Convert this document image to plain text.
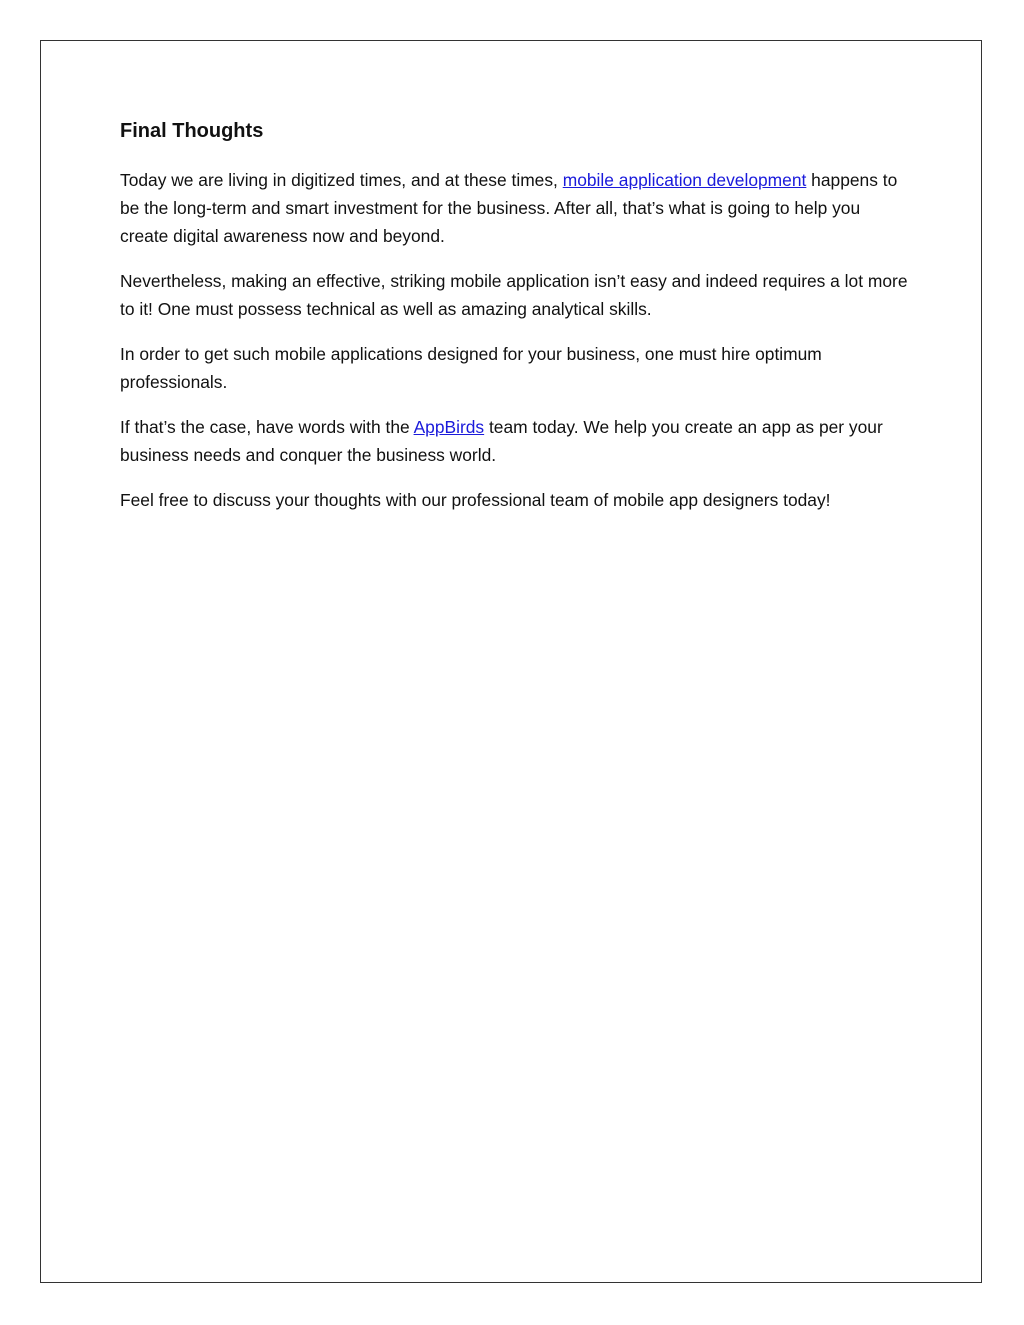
Final Thoughts

Today we are living in digitized times, and at these times, mobile application development happens to be the long-term and smart investment for the business. After all, that’s what is going to help you create digital awareness now and beyond.

Nevertheless, making an effective, striking mobile application isn’t easy and indeed requires a lot more to it! One must possess technical as well as amazing analytical skills.

In order to get such mobile applications designed for your business, one must hire optimum professionals.

If that’s the case, have words with the AppBirds team today. We help you create an app as per your business needs and conquer the business world.

Feel free to discuss your thoughts with our professional team of mobile app designers today!
